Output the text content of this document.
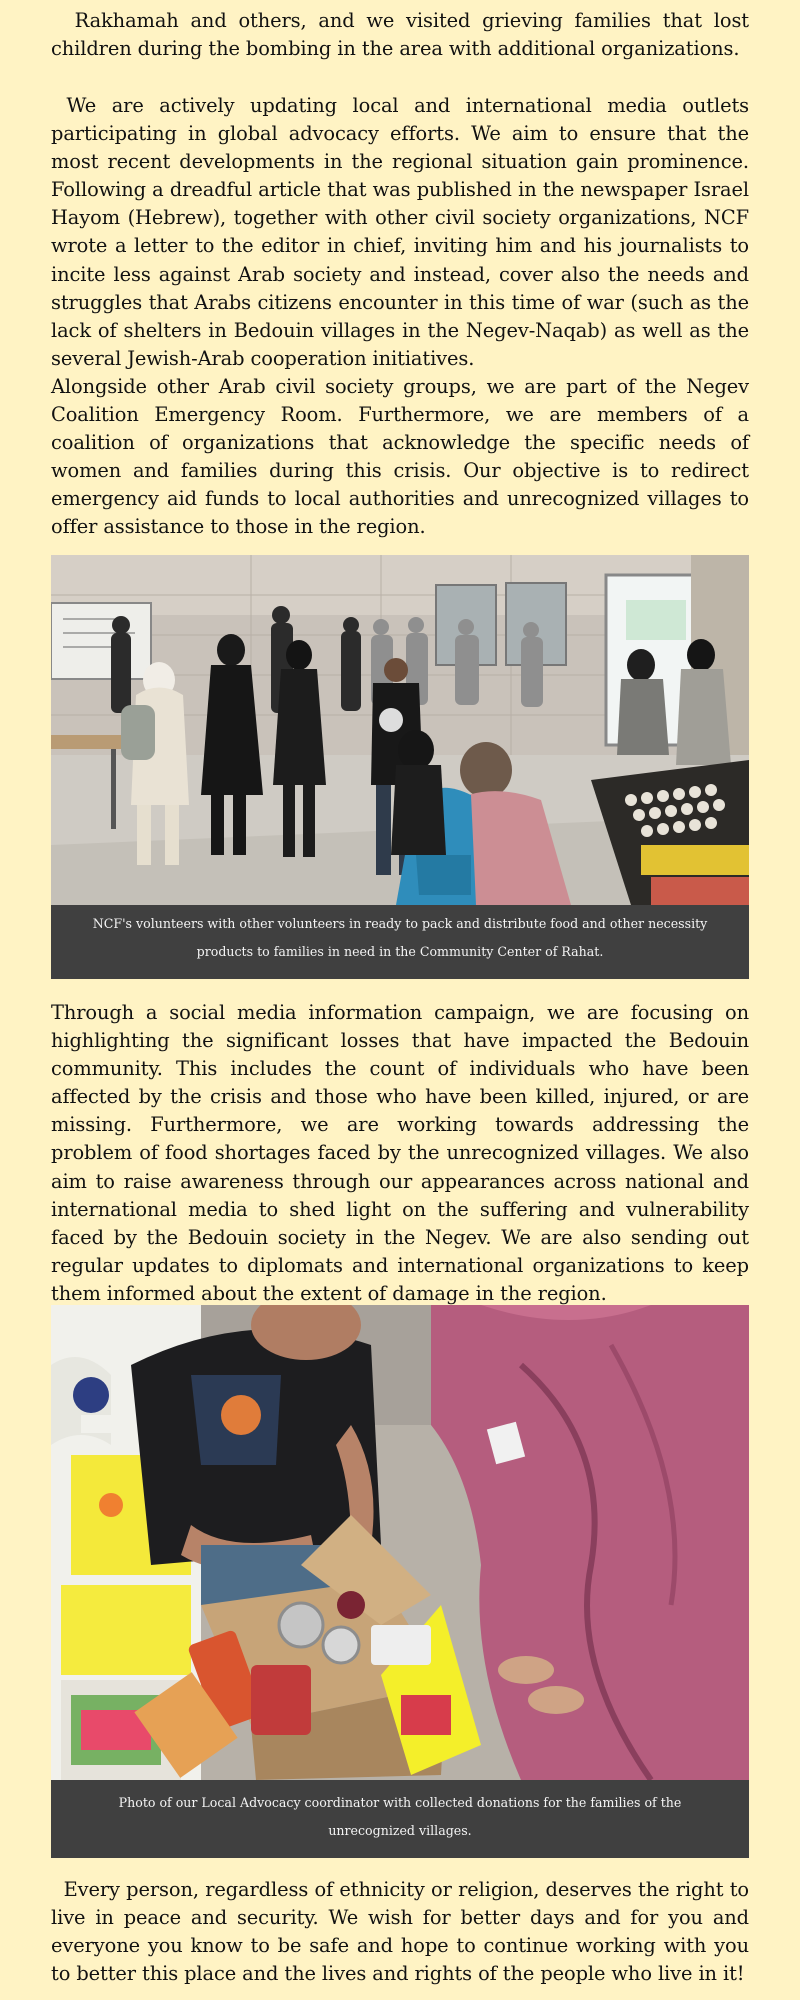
Rakhamah and others, and we visited grieving families that lost children during the bombing in the area with additional organizations.

We are actively updating local and international media outlets participating in global advocacy efforts. We aim to ensure that the most recent developments in the regional situation gain prominence. Following a dreadful article that was published in the newspaper Israel Hayom (Hebrew), together with other civil society organizations, NCF wrote a letter to the editor in chief, inviting him and his journalists to incite less against Arab society and instead, cover also the needs and struggles that Arabs citizens encounter in this time of war (such as the lack of shelters in Bedouin villages in the Negev-Naqab) as well as the several Jewish-Arab cooperation initiatives.

Alongside other Arab civil society groups, we are part of the Negev Coalition Emergency Room. Furthermore, we are members of a coalition of organizations that acknowledge the specific needs of women and families during this crisis. Our objective is to redirect emergency aid funds to local authorities and unrecognized villages to offer assistance to those in the region.

NCF's volunteers with other volunteers in ready to pack and distribute food and other necessity products to families in need in the Community Center of Rahat.

Through a social media information campaign, we are focusing on highlighting the significant losses that have impacted the Bedouin community. This includes the count of individuals who have been affected by the crisis and those who have been killed, injured, or are missing. Furthermore, we are working towards addressing the problem of food shortages faced by the unrecognized villages. We also aim to raise awareness through our appearances across national and international media to shed light on the suffering and vulnerability faced by the Bedouin society in the Negev. We are also sending out regular updates to diplomats and international organizations to keep them informed about the extent of damage in the region.

Photo of our Local Advocacy coordinator with collected donations for the families of the unrecognized villages.

Every person, regardless of ethnicity or religion, deserves the right to live in peace and security. We wish for better days and for you and everyone you know to be safe and hope to continue working with you to better this place and the lives and rights of the people who live in it!
